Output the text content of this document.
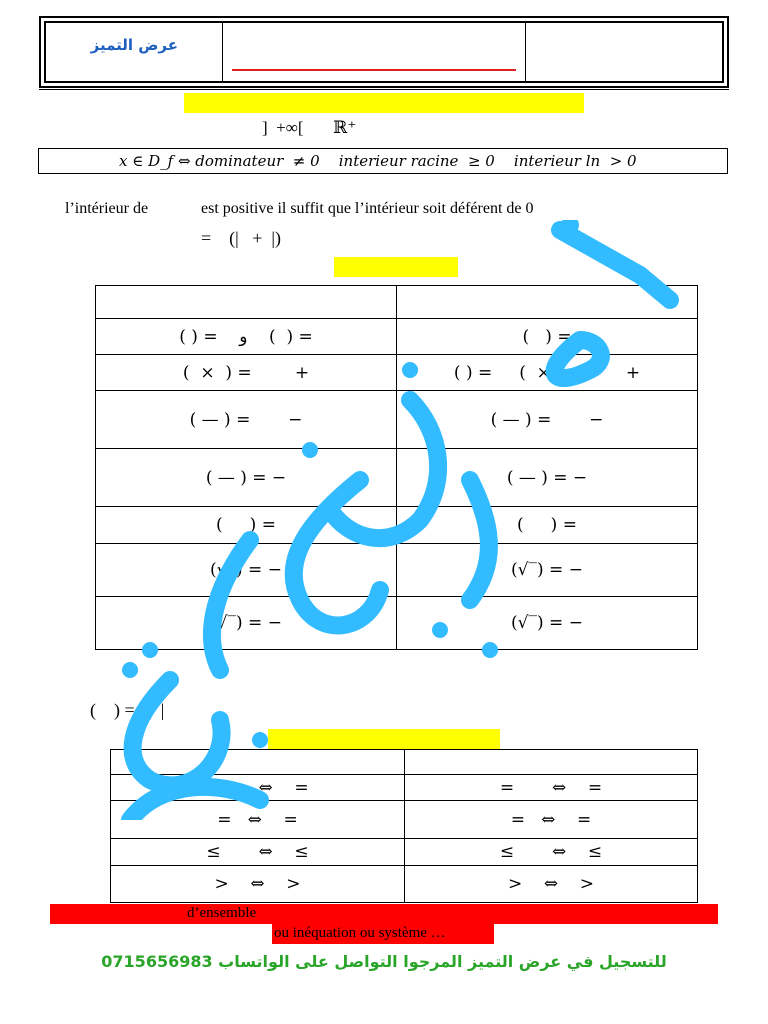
عرض التميز
]  +∞[       ℝ⁺
x ∈ D_f ⇔ dominateur  ≠ 0    interieur racine  ≥ 0    interieur ln  > 0
l’intérieur de	est positive il suffit que l’intérieur soit déférent de 0
=    (|   +  |)

( ) =    و    (  ) =	(   ) =
(  ×  ) =        +	( ) =     (  × ) =        +
( — ) =       −	( — ) =       −
( — ) = −	( — ) = −
(     ) =	(     ) =
(√‾) = −	(√‾) = −
(√‾) = −	(√‾) = −
(    ) =   |  |

=       ⇔    =	=       ⇔    =
=   ⇔    =	=   ⇔    =
≤       ⇔    ≤	≤       ⇔    ≤
>    ⇔    >	>    ⇔    >
d’ensemble
ou inéquation ou système …
للتسجيل في عرض التميز المرجوا التواصل على الواتساب 0715656983
